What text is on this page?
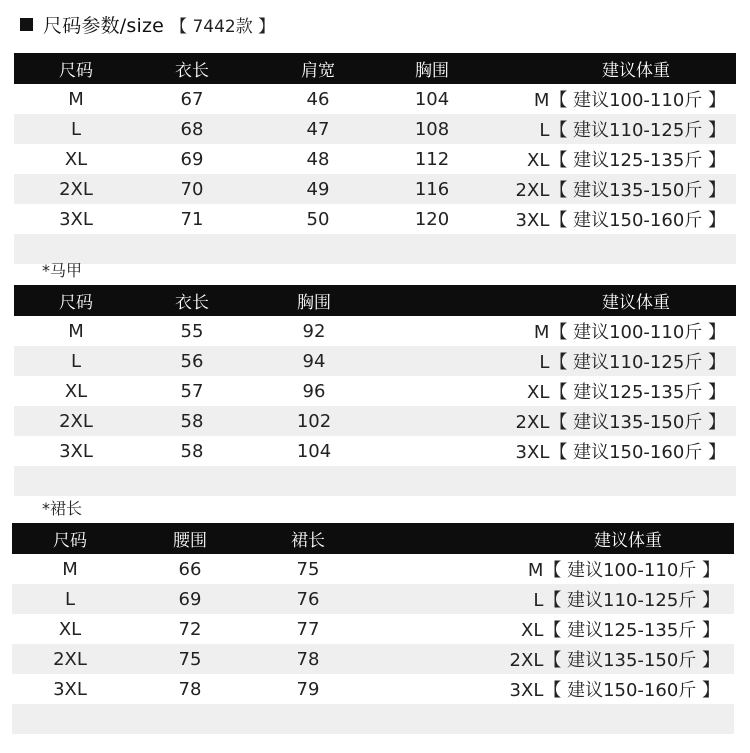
尺码参数/size 【 7442款 】
尺码	衣长	肩宽	胸围	建议体重
M	67	46	104	M【 建议100-110斤 】
L	68	47	108	L【 建议110-125斤 】
XL	69	48	112	XL【 建议125-135斤 】
2XL	70	49	116	2XL【 建议135-150斤 】
3XL	71	50	120	3XL【 建议150-160斤 】
*马甲
尺码	衣长	胸围	建议体重
M	55	92	M【 建议100-110斤 】
L	56	94	L【 建议110-125斤 】
XL	57	96	XL【 建议125-135斤 】
2XL	58	102	2XL【 建议135-150斤 】
3XL	58	104	3XL【 建议150-160斤 】
*裙长
尺码	腰围	裙长	建议体重
M	66	75	M【 建议100-110斤 】
L	69	76	L【 建议110-125斤 】
XL	72	77	XL【 建议125-135斤 】
2XL	75	78	2XL【 建议135-150斤 】
3XL	78	79	3XL【 建议150-160斤 】
